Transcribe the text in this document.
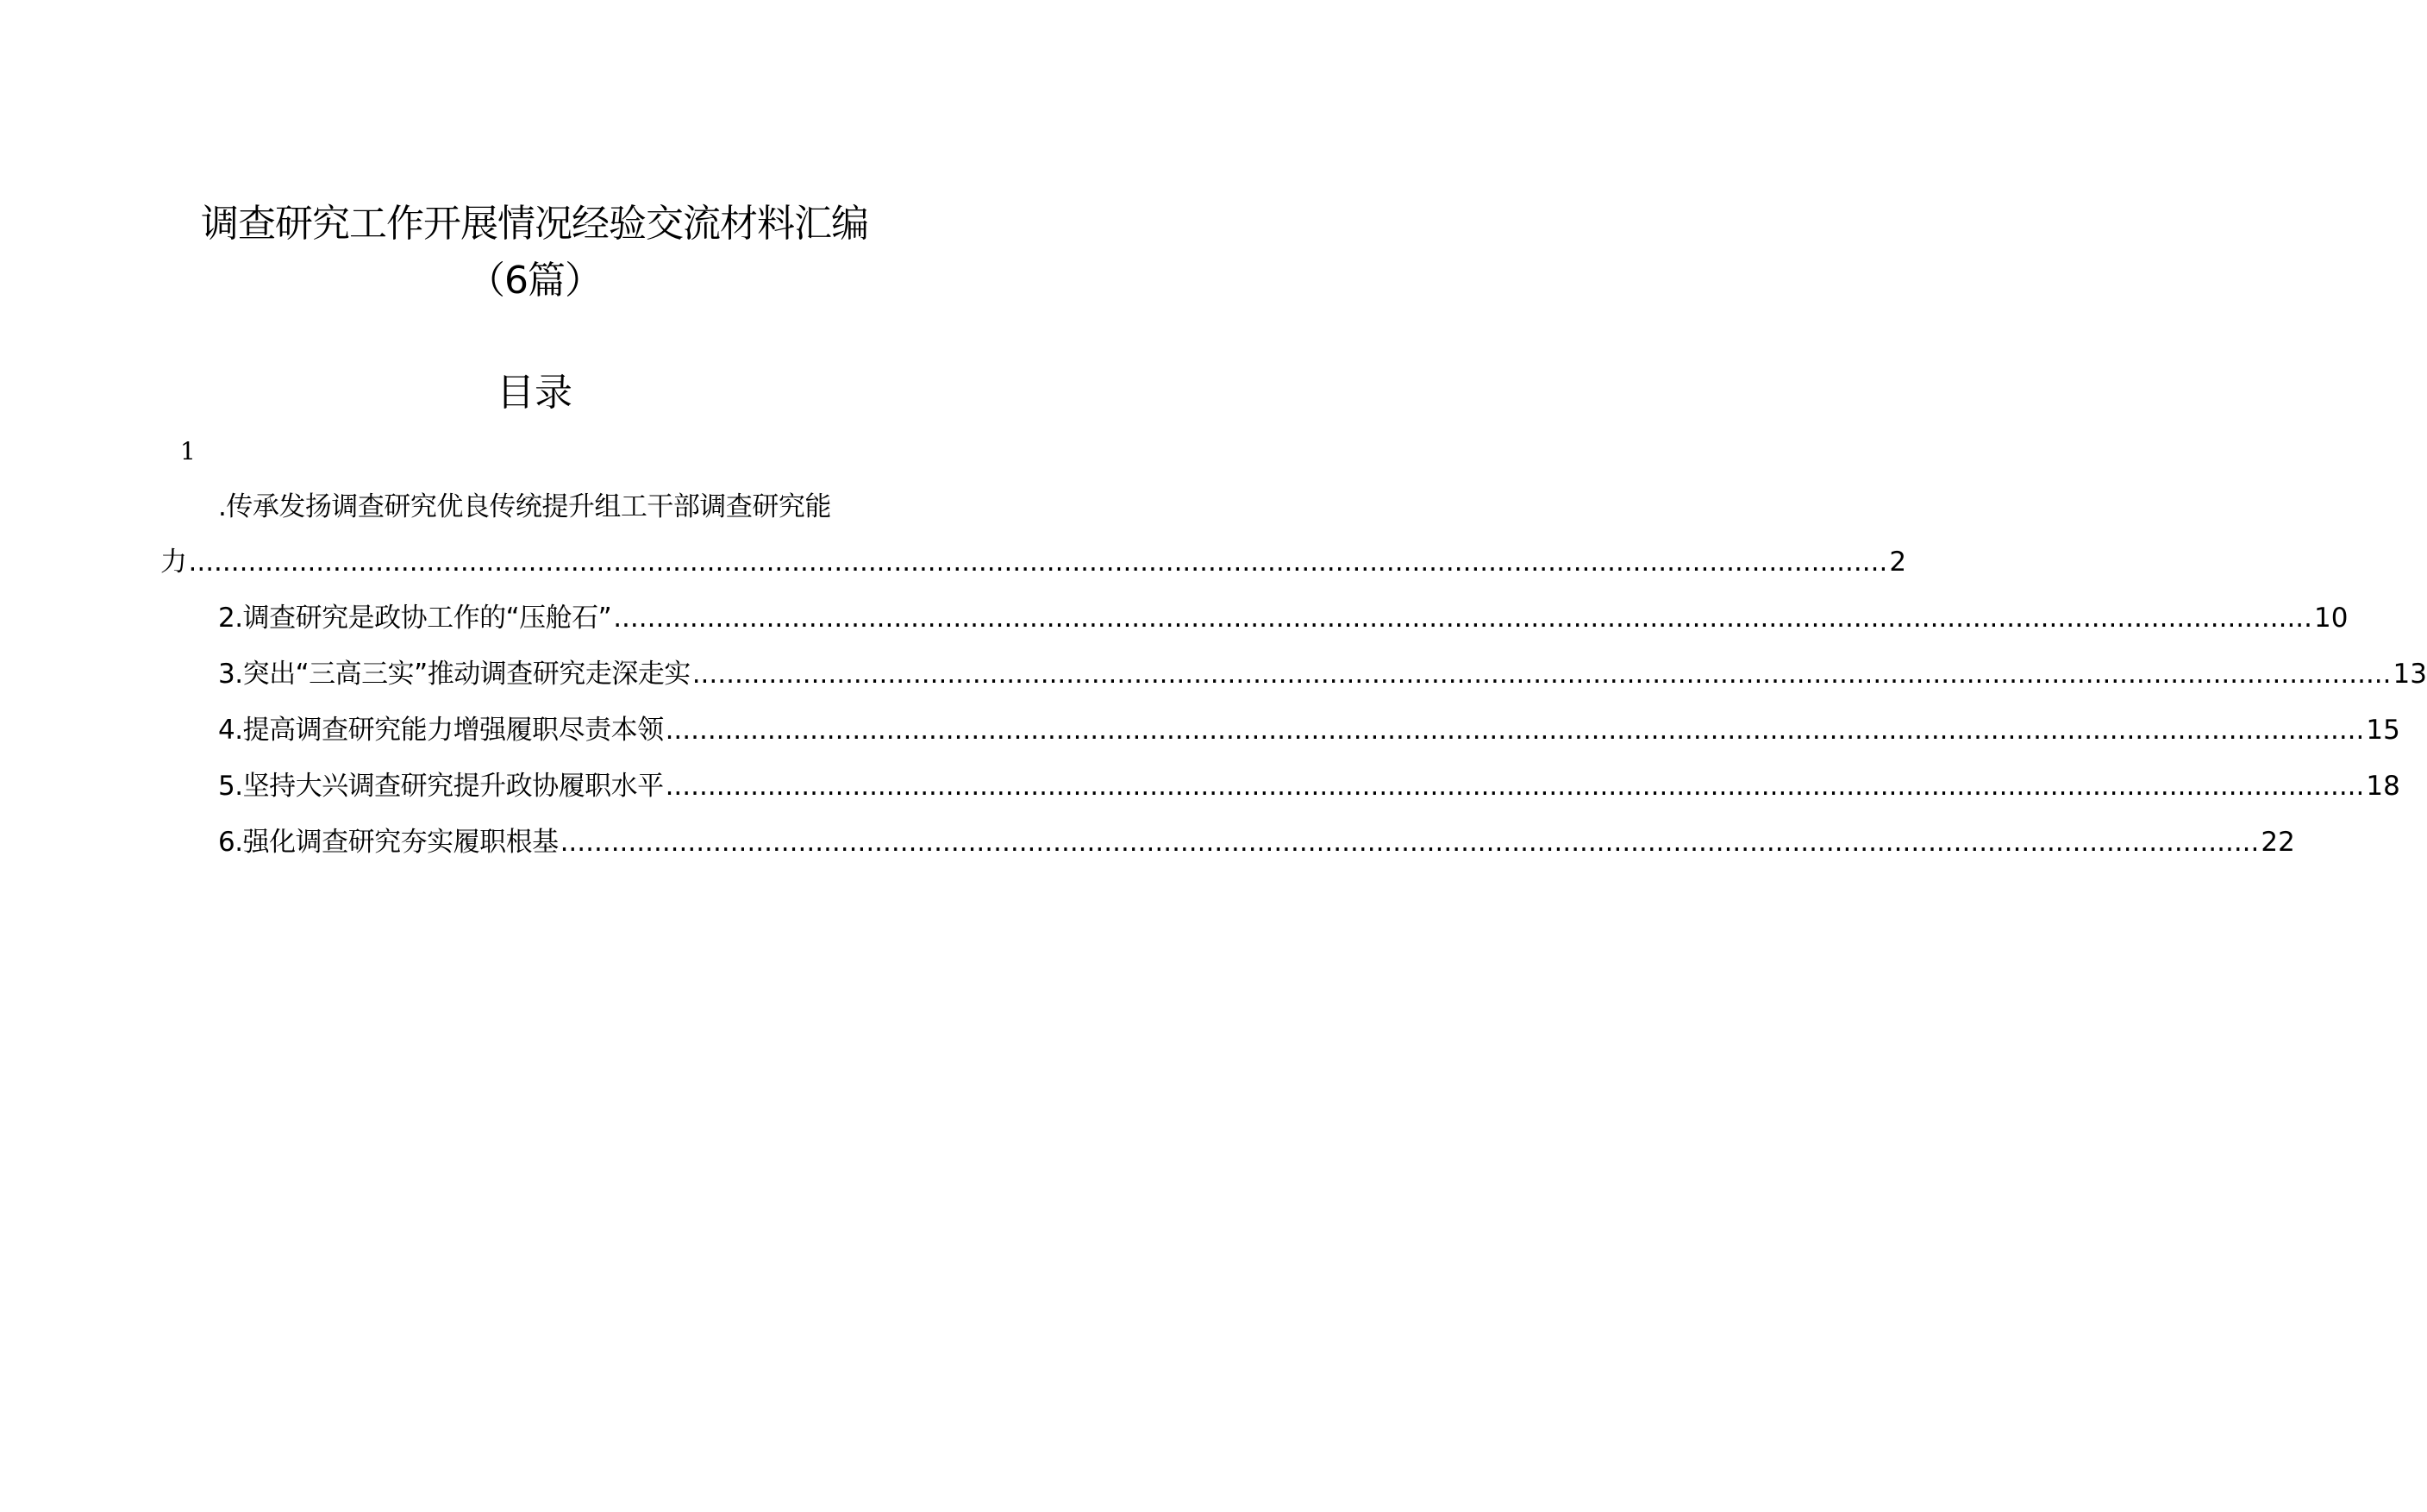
调查研究工作开展情况经验交流材料汇编
（6篇）
目录
1
.传承发扬调查研究优良传统提升组工干部调查研究能
力 ........................................................................................................................................................................................................ 2
2.调查研究是政协工作的“压舱石” ........................................................................................................................................................................................................ 10
3.突出“三高三实”推动调查研究走深走实 ........................................................................................................................................................................................................ 13
4.提高调查研究能力增强履职尽责本领 ........................................................................................................................................................................................................ 15
5.坚持大兴调查研究提升政协履职水平 ........................................................................................................................................................................................................ 18
6.强化调查研究夯实履职根基 ........................................................................................................................................................................................................ 22
